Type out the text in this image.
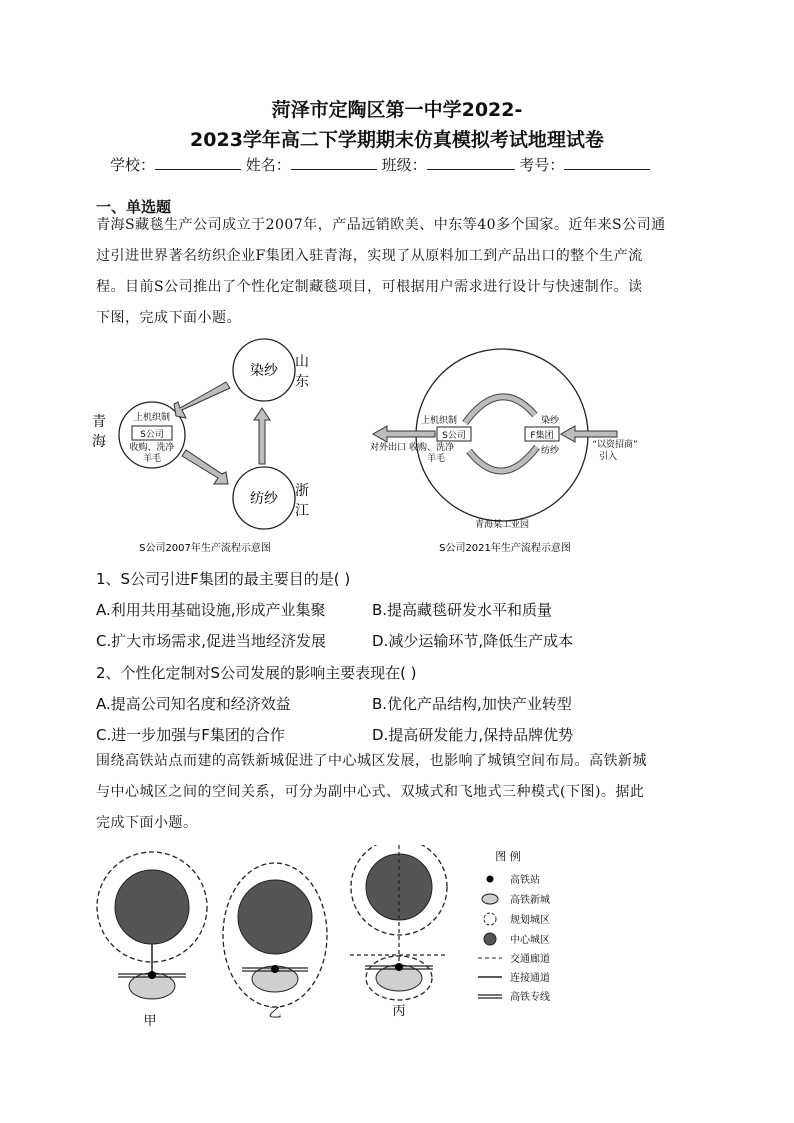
菏泽市定陶区第一中学2022-
2023学年高二下学期期末仿真模拟考试地理试卷
学校：	姓名：	班级：	考号：
一、单选题
青海S藏毯生产公司成立于2007年，产品远销欧美、中东等40多个国家。近年来S公司通
过引进世界著名纺织企业F集团入驻青海，实现了从原料加工到产品出口的整个生产流
程。目前S公司推出了个性化定制藏毯项目，可根据用户需求进行设计与快速制作。读
下图，完成下面小题。
染纱
纺纱
上机织制
S公司
收购、洗净
羊毛
山
东
浙
江
青
海
S公司2007年生产流程示意图
S公司	F集团
上机织制	染纱
纺纱
对外出口 收购、洗净
羊毛
“以资招商”
引入
青海某工业园
S公司2021年生产流程示意图
1、S公司引进F集团的最主要目的是( )
A.利用共用基础设施,形成产业集聚	B.提高藏毯研发水平和质量
C.扩大市场需求,促进当地经济发展	D.减少运输环节,降低生产成本
2、个性化定制对S公司发展的影响主要表现在( )
A.提高公司知名度和经济效益	B.优化产品结构,加快产业转型
C.进一步加强与F集团的合作	D.提高研发能力,保持品牌优势
围绕高铁站点而建的高铁新城促进了中心城区发展，也影响了城镇空间布局。高铁新城
与中心城区之间的空间关系，可分为副中心式、双城式和飞地式三种模式(下图)。据此
完成下面小题。
甲
乙	丙
图 例
高铁站
高铁新城
规划城区
中心城区
交通廊道
连接通道
高铁专线
